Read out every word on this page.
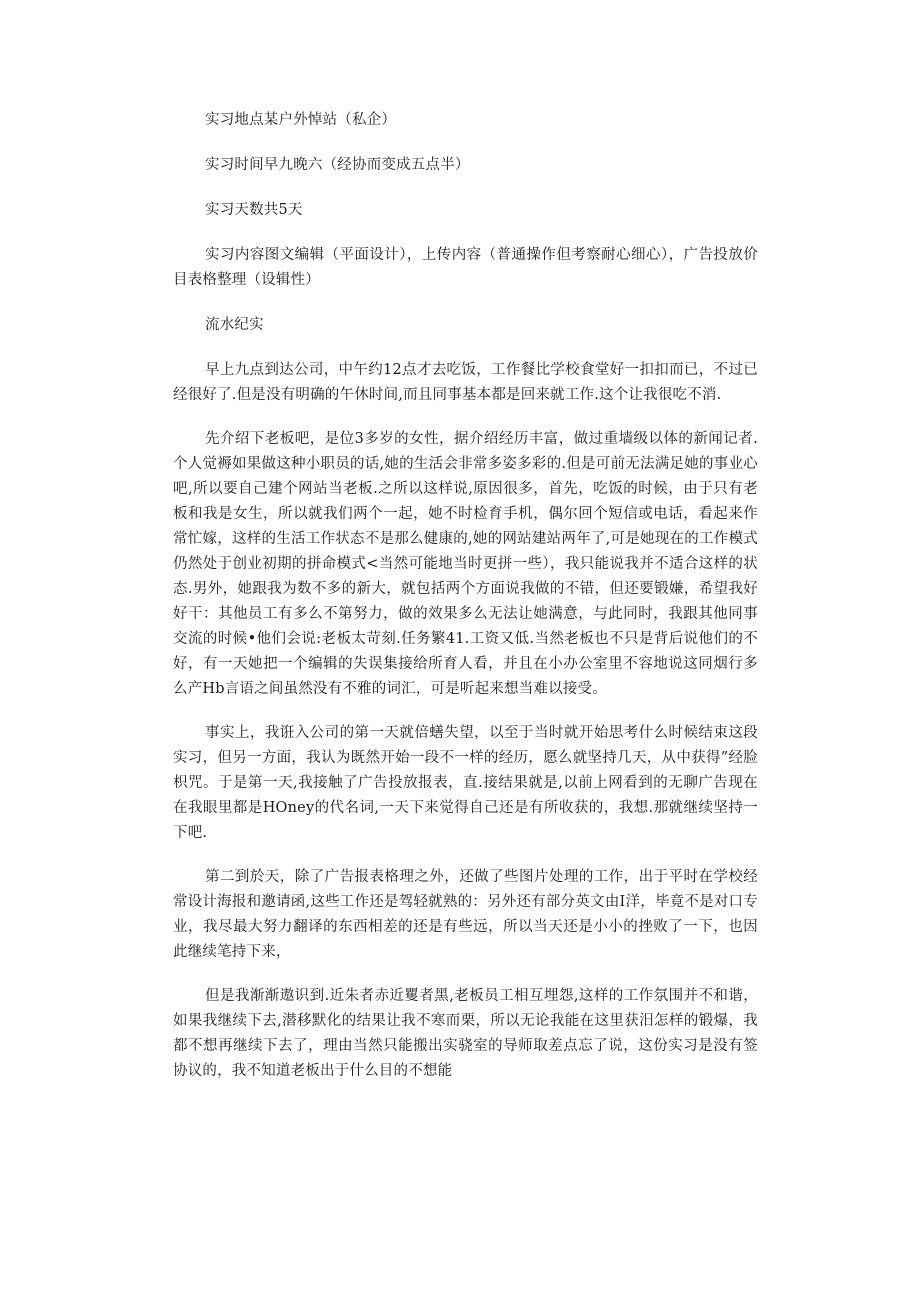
实习地点某户外悼站（私企）

实习时间早九晚六（经协而变成五点半）

实习天数共5天

实习内容图文编辑（平面设计），上传内容（普通操作但考察耐心细心），广告投放价目表格整理（设辑性）

流水纪实

早上九点到达公司，中午约12点才去吃饭，工作餐比学校食堂好一扣扣而已，不过已经很好了.但是没有明确的午休时间,而且同事基本都是回来就工作.这个让我很吃不消.

先介绍下老板吧，是位3多岁的女性，据介绍经历丰富，做过重墙级以体的新闻记者.个人觉褥如果做这种小职员的话,她的生活会非常多姿多彩的.但是可前无法满足她的事业心吧,所以要自己建个网站当老板.之所以这样说,原因很多，首先，吃饭的时候，由于只有老板和我是女生，所以就我们两个一起，她不时检育手机，偶尔回个短信或电话，看起来作常忙嫁，这样的生活工作状态不是那么健康的,她的网站建站两年了,可是她现在的工作模式仍然处于创业初期的拼命模式<当然可能地当时更拼一些），我只能说我并不适合这样的状态.男外，她跟我为数不多的新大，就包括两个方面说我做的不错，但还要锻嫌，希望我好好干：其他员工有多么不第努力，做的效果多么无法让她满意，与此同时，我跟其他同事交流的时候•他们会说:老板太苛刻.任务繁41.工资又低.当然老板也不只是背后说他们的不好，有一天她把一个编辑的失误集接给所育人看，并且在小办公室里不容地说这同烟行多么产Hb言语之间虽然没有不雅的词汇，可是听起来想当难以接受。

事实上，我诳入公司的第一天就倍蟮失望，以至于当时就开始思考什么时候结束这段实习，但另一方面，我认为既然开始一段不一样的经历，愿么就坚持几天，从中获得”经脸枳咒。于是第一天,我接触了广告投放报表，直.接结果就是,以前上网看到的无聊广告现在在我眼里都是HOney的代名词,一天下来觉得自己还是有所收获的，我想.那就继续坚持一下吧.

第二到於天，除了广告报表格理之外，还做了些图片处理的工作，出于平时在学校经常设计海报和邀请函,这些工作还是驾轻就熟的：另外还有部分英文由I洋，毕竟不是对口专业，我尽最大努力翻译的东西相差的还是有些远，所以当天还是小小的挫败了一下，也因此继续笔持下来，

但是我渐渐遨识到.近朱者赤近矍者黑,老板员工相互埋怨,这样的工作氛围并不和谐，如果我继续下去,潜移默化的结果让我不寒而栗，所以无论我能在这里获汨怎样的锻爆，我都不想再继续下去了，理由当然只能搬出实骁室的导师取差点忘了说，这份实习是没有签协议的，我不知道老板出于什么目的不想能
